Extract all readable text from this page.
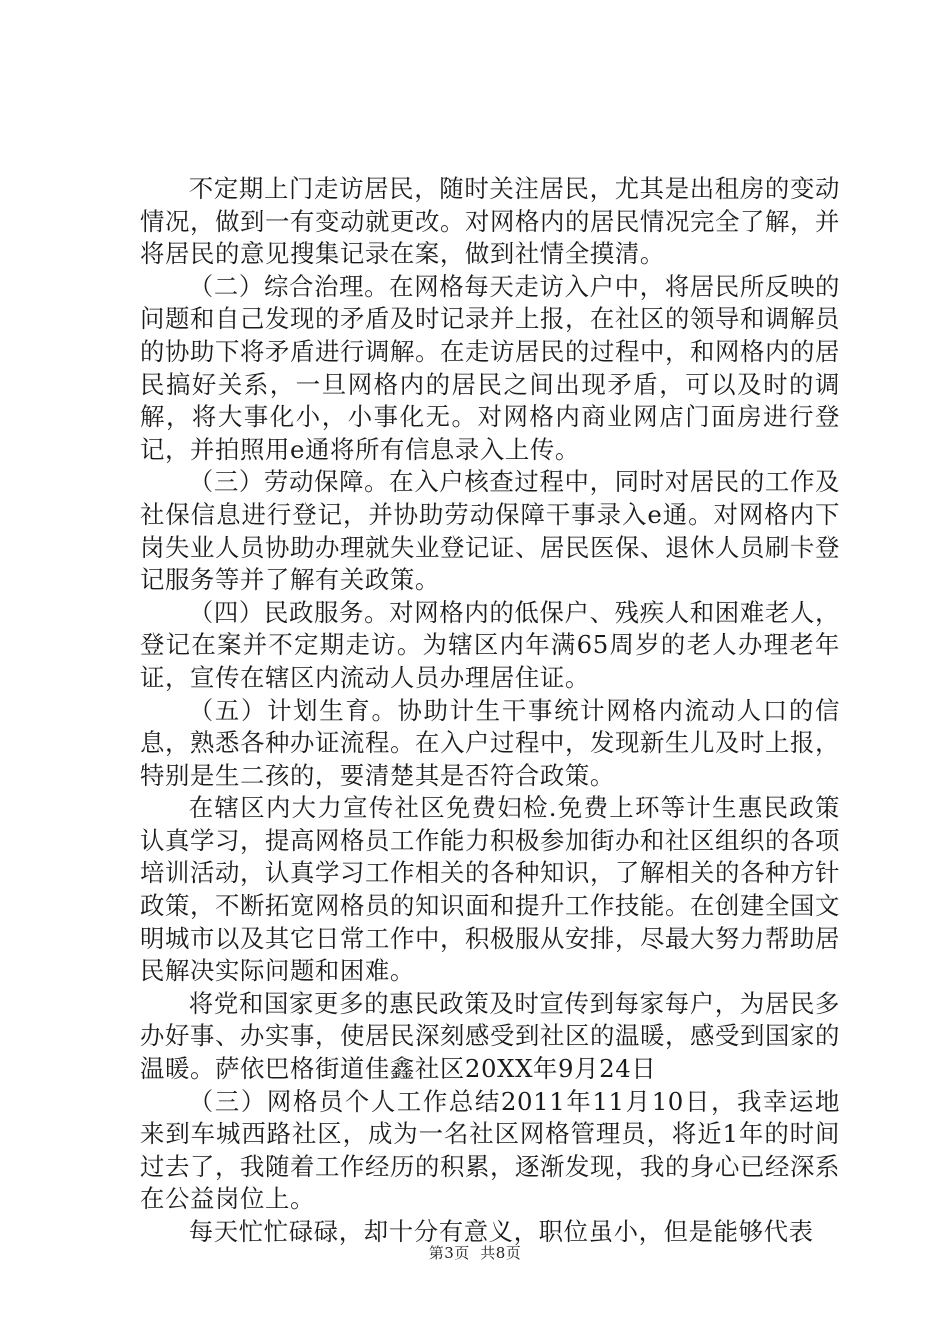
不定期上门走访居民，随时关注居民，尤其是出租房的变动情况，做到一有变动就更改。对网格内的居民情况完全了解，并将居民的意见搜集记录在案，做到社情全摸清。

（二）综合治理。在网格每天走访入户中，将居民所反映的问题和自己发现的矛盾及时记录并上报，在社区的领导和调解员的协助下将矛盾进行调解。在走访居民的过程中，和网格内的居民搞好关系，一旦网格内的居民之间出现矛盾，可以及时的调解，将大事化小，小事化无。对网格内商业网店门面房进行登记，并拍照用e通将所有信息录入上传。

（三）劳动保障。在入户核查过程中，同时对居民的工作及社保信息进行登记，并协助劳动保障干事录入e通。对网格内下岗失业人员协助办理就失业登记证、居民医保、退休人员刷卡登记服务等并了解有关政策。

（四）民政服务。对网格内的低保户、残疾人和困难老人，登记在案并不定期走访。为辖区内年满65周岁的老人办理老年证，宣传在辖区内流动人员办理居住证。

（五）计划生育。协助计生干事统计网格内流动人口的信息，熟悉各种办证流程。在入户过程中，发现新生儿及时上报，特别是生二孩的，要清楚其是否符合政策。

在辖区内大力宣传社区免费妇检.免费上环等计生惠民政策认真学习，提高网格员工作能力积极参加街办和社区组织的各项培训活动，认真学习工作相关的各种知识，了解相关的各种方针政策，不断拓宽网格员的知识面和提升工作技能。在创建全国文明城市以及其它日常工作中，积极服从安排，尽最大努力帮助居民解决实际问题和困难。

将党和国家更多的惠民政策及时宣传到每家每户，为居民多办好事、办实事，使居民深刻感受到社区的温暖，感受到国家的温暖。萨依巴格街道佳鑫社区20XX年9月24日

（三）网格员个人工作总结2011年11月10日，我幸运地来到车城西路社区，成为一名社区网格管理员，将近1年的时间过去了，我随着工作经历的积累，逐渐发现，我的身心已经深系在公益岗位上。

每天忙忙碌碌，却十分有意义，职位虽小，但是能够代表

第3页  共8页
